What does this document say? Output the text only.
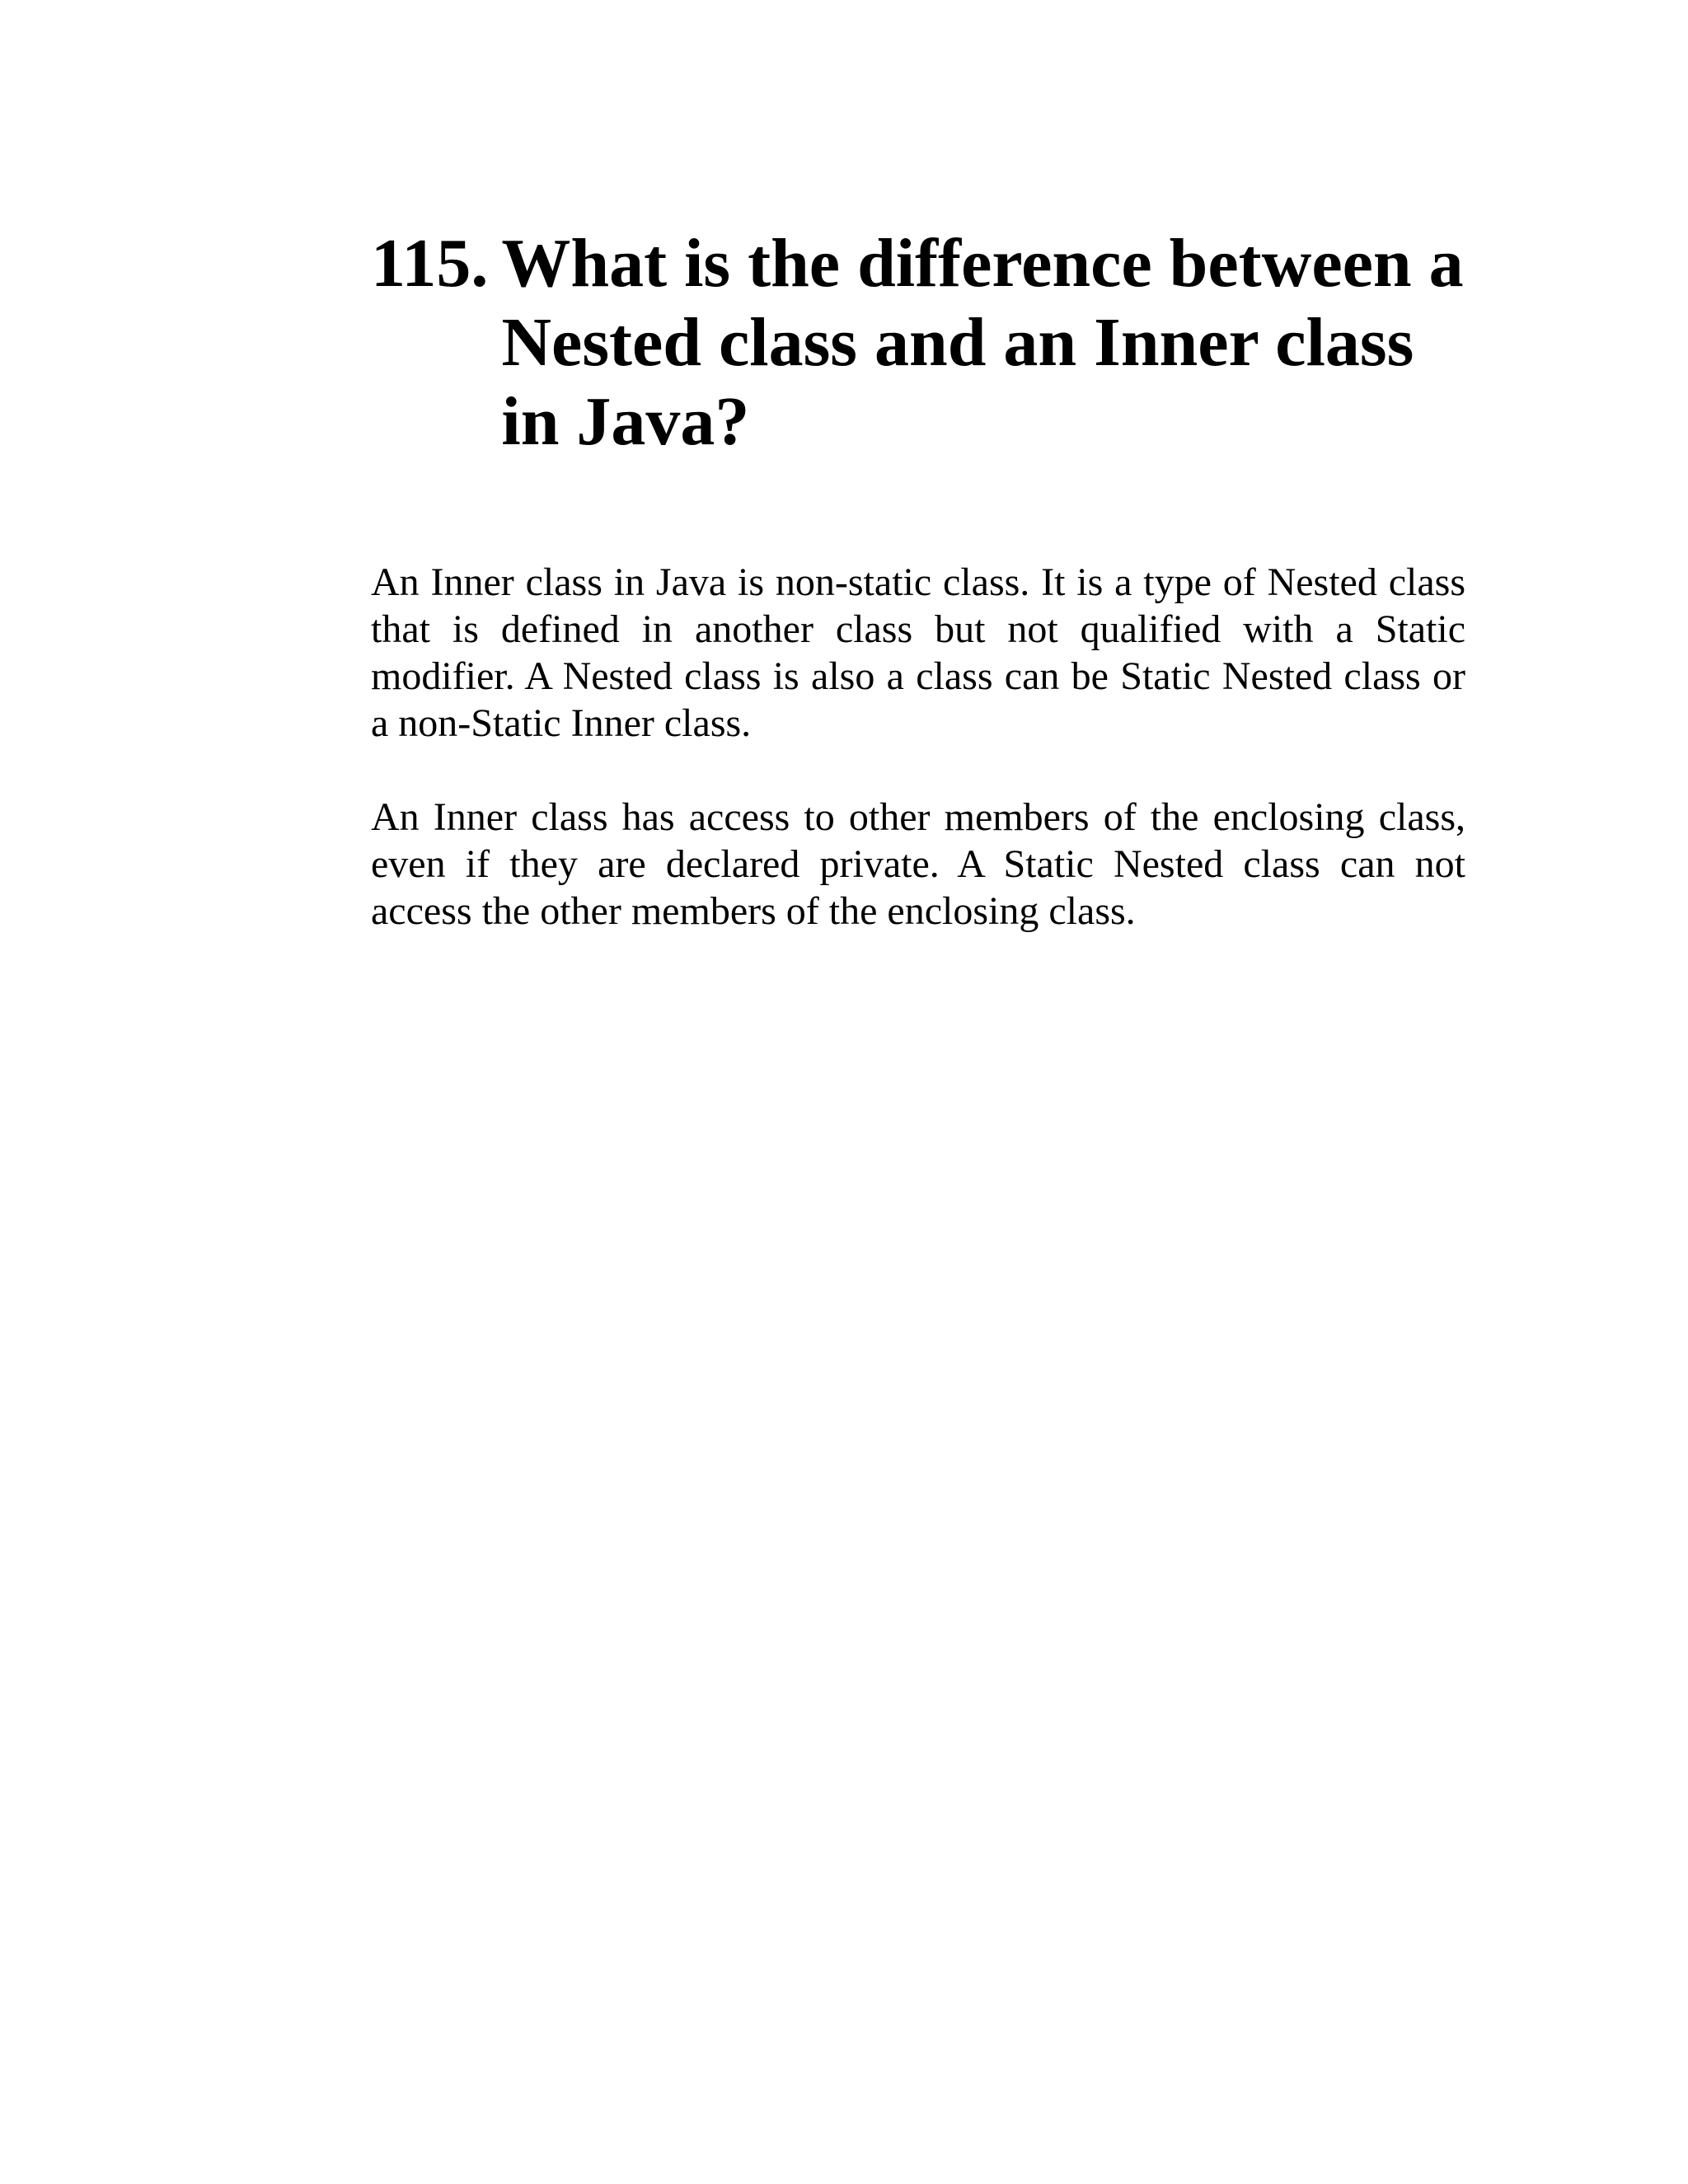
115. What is the difference between a Nested class and an Inner class in Java?

An Inner class in Java is non-static class. It is a type of Nested class that is defined in another class but not qualified with a Static modifier. A Nested class is also a class can be Static Nested class or a non-Static Inner class.

An Inner class has access to other members of the enclosing class, even if they are declared private. A Static Nested class can not access the other members of the enclosing class.
